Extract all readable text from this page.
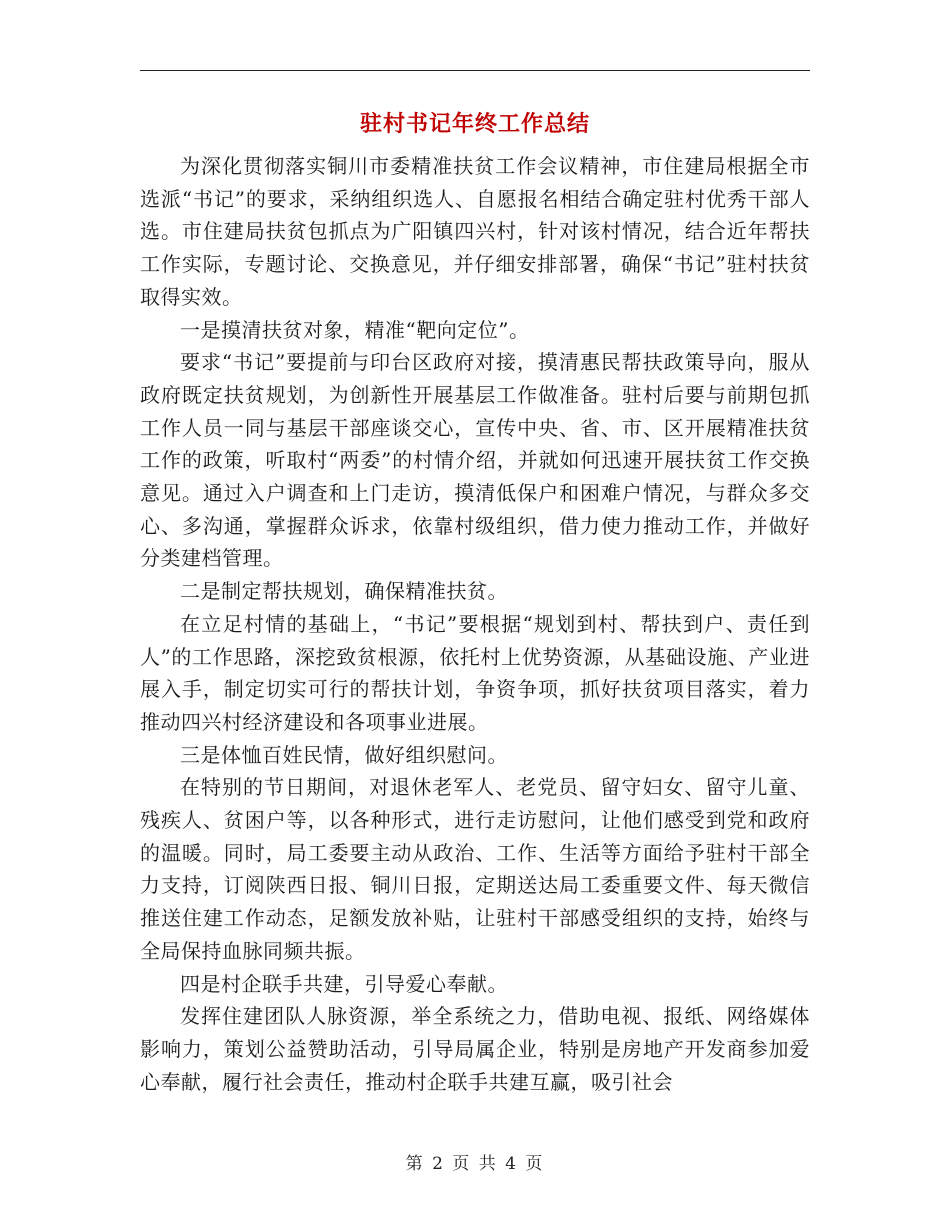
驻村书记年终工作总结

为深化贯彻落实铜川市委精准扶贫工作会议精神，市住建局根据全市选派“书记”的要求，采纳组织选人、自愿报名相结合确定驻村优秀干部人选。市住建局扶贫包抓点为广阳镇四兴村，针对该村情况，结合近年帮扶工作实际，专题讨论、交换意见，并仔细安排部署，确保“书记”驻村扶贫取得实效。

一是摸清扶贫对象，精准“靶向定位”。

要求“书记”要提前与印台区政府对接，摸清惠民帮扶政策导向，服从政府既定扶贫规划，为创新性开展基层工作做准备。驻村后要与前期包抓工作人员一同与基层干部座谈交心，宣传中央、省、市、区开展精准扶贫工作的政策，听取村“两委”的村情介绍，并就如何迅速开展扶贫工作交换意见。通过入户调查和上门走访，摸清低保户和困难户情况，与群众多交心、多沟通，掌握群众诉求，依靠村级组织，借力使力推动工作，并做好分类建档管理。

二是制定帮扶规划，确保精准扶贫。

在立足村情的基础上，“书记”要根据“规划到村、帮扶到户、责任到人”的工作思路，深挖致贫根源，依托村上优势资源，从基础设施、产业进展入手，制定切实可行的帮扶计划，争资争项，抓好扶贫项目落实，着力推动四兴村经济建设和各项事业进展。

三是体恤百姓民情，做好组织慰问。

在特别的节日期间，对退休老军人、老党员、留守妇女、留守儿童、残疾人、贫困户等，以各种形式，进行走访慰问，让他们感受到党和政府的温暖。同时，局工委要主动从政治、工作、生活等方面给予驻村干部全力支持，订阅陕西日报、铜川日报，定期送达局工委重要文件、每天微信推送住建工作动态，足额发放补贴，让驻村干部感受组织的支持，始终与全局保持血脉同频共振。

四是村企联手共建，引导爱心奉献。

发挥住建团队人脉资源，举全系统之力，借助电视、报纸、网络媒体影响力，策划公益赞助活动，引导局属企业，特别是房地产开发商参加爱心奉献，履行社会责任，推动村企联手共建互赢，吸引社会

第 2 页 共 4 页
